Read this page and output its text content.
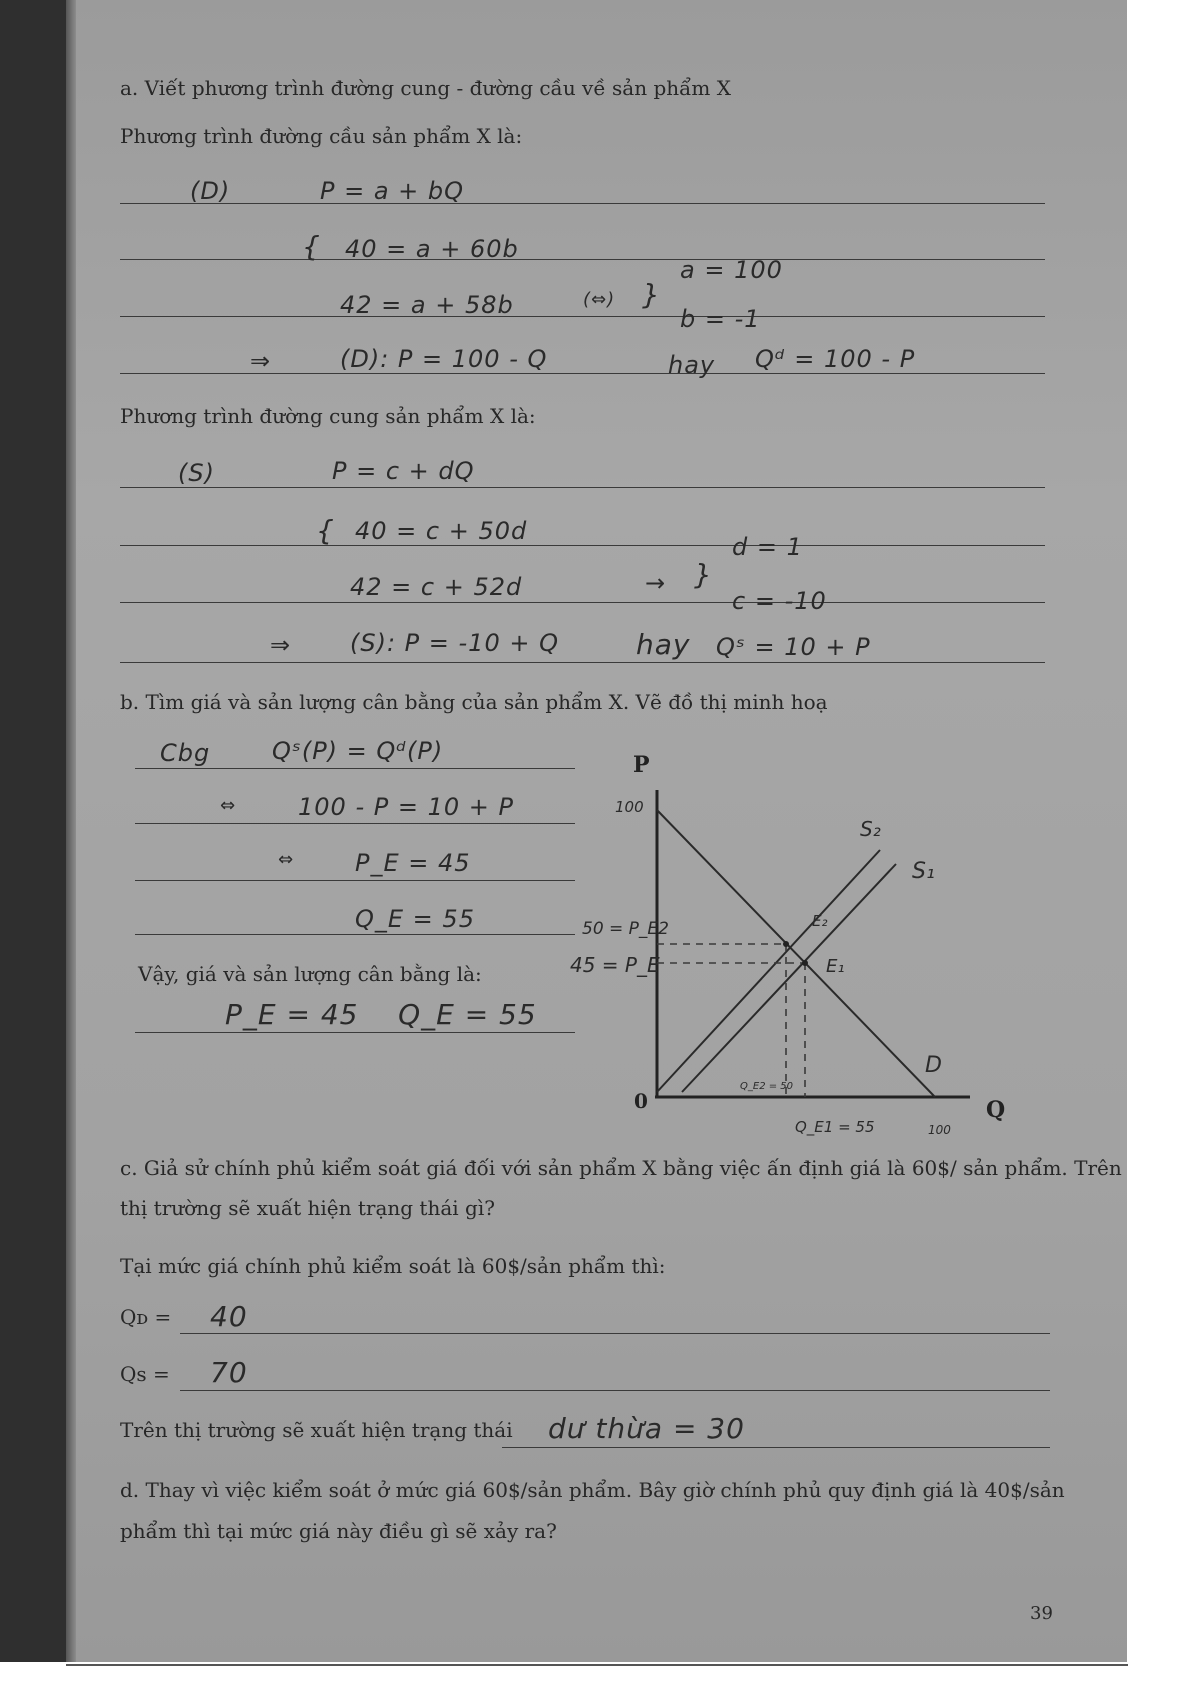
a. Viết phương trình đường cung - đường cầu về sản phẩm X
Phương trình đường cầu sản phẩm X là:
(D)	P = a + bQ
{ 40 = a + 60b
a = 100
42 = a + 58b	(⇔) }
b = -1
⇒	(D): P = 100 - Q	hay Qᵈ = 100 - P
Phương trình đường cung sản phẩm X là:
(S)	P = c + dQ
{ 40 = c + 50d
d = 1
42 = c + 52d	→ }
c = -10
⇒ (S): P = -10 + Q	hay Qˢ = 10 + P
b. Tìm giá và sản lượng cân bằng của sản phẩm X. Vẽ đồ thị minh hoạ
Cbg	Qˢ(P) = Qᵈ(P)
⇔	100 - P = 10 + P
⇔	P_E = 45
Q_E = 55
Vậy, giá và sản lượng cân bằng là:
P_E = 45    Q_E = 55
P
Q
0
100
50 = P_E2
45 = P_E
Q_E2 = 50
Q_E1 = 55	100
S₂
S₁
D
E₂
E₁
c. Giả sử chính phủ kiểm soát giá đối với sản phẩm X bằng việc ấn định giá là 60$/ sản phẩm. Trên
thị trường sẽ xuất hiện trạng thái gì?
Tại mức giá chính phủ kiểm soát là 60$/sản phẩm thì:
Qᴅ = 40
Qs = 70
Trên thị trường sẽ xuất hiện trạng thái dư thừa = 30
d. Thay vì việc kiểm soát ở mức giá 60$/sản phẩm. Bây giờ chính phủ quy định giá là 40$/sản
phẩm thì tại mức giá này điều gì sẽ xảy ra?
39
